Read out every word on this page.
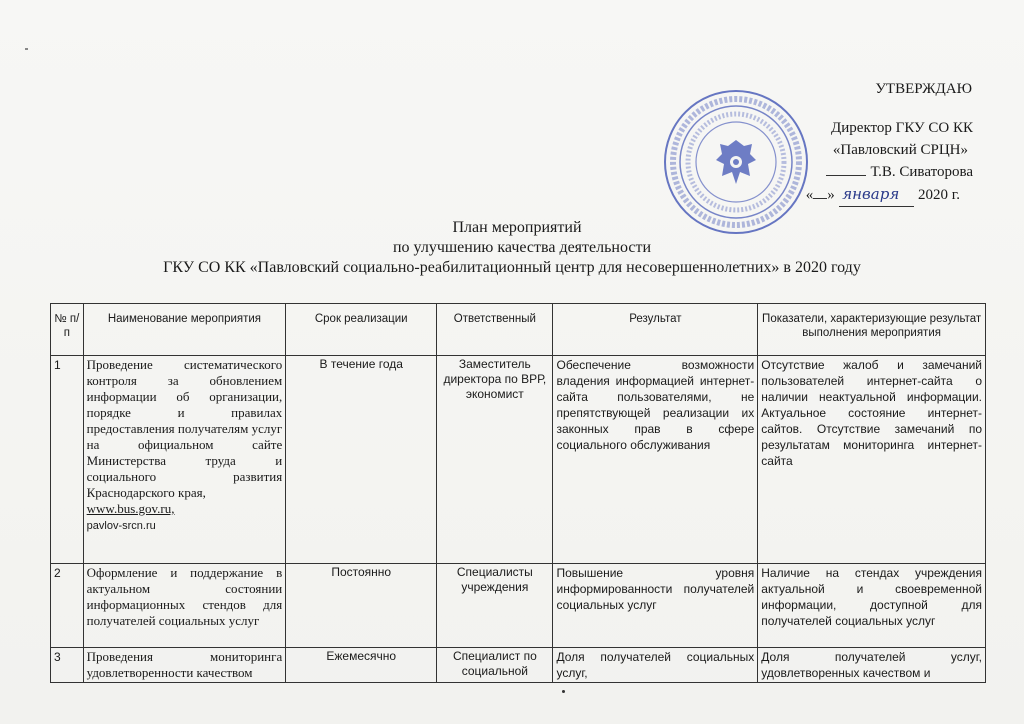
УТВЕРЖДАЮ
Директор ГКУ СО КК
«Павловский СРЦН»
Т.В. Сиваторова
« » января 2020 г.
План мероприятий
по улучшению качества деятельности
ГКУ СО КК «Павловский социально-реабилитационный центр для несовершеннолетних» в 2020 году
№ п/п	Наименование мероприятия	Срок реализации	Ответственный	Результат	Показатели, характеризующие результат выполнения мероприятия
1	Проведение систематического контроля за обновлением информации об организации, порядке и правилах предоставления получателям услуг на официальном сайте Министерства труда и социального развития Краснодарского края,
www.bus.gov.ru,
pavlov-srcn.ru	В течение года	Заместитель директора по ВРР, экономист	Обеспечение возможности владения информацией интернет-сайта пользователями, не препятствующей реализации их законных прав в сфере социального обслуживания	Отсутствие жалоб и замечаний пользователей интернет-сайта о наличии неактуальной информации. Актуальное состояние интернет-сайтов. Отсутствие замечаний по результатам мониторинга интернет-сайта
2	Оформление и поддержание в актуальном состоянии информационных стендов для получателей социальных услуг	Постоянно	Специалисты учреждения	Повышение уровня информированности получателей социальных услуг	Наличие на стендах учреждения актуальной и своевременной информации, доступной для получателей социальных услуг
3	Проведения мониторинга удовлетворенности качеством	Ежемесячно	Специалист по социальной	Доля получателей социальных услуг,	Доля получателей услуг, удовлетворенных качеством и
